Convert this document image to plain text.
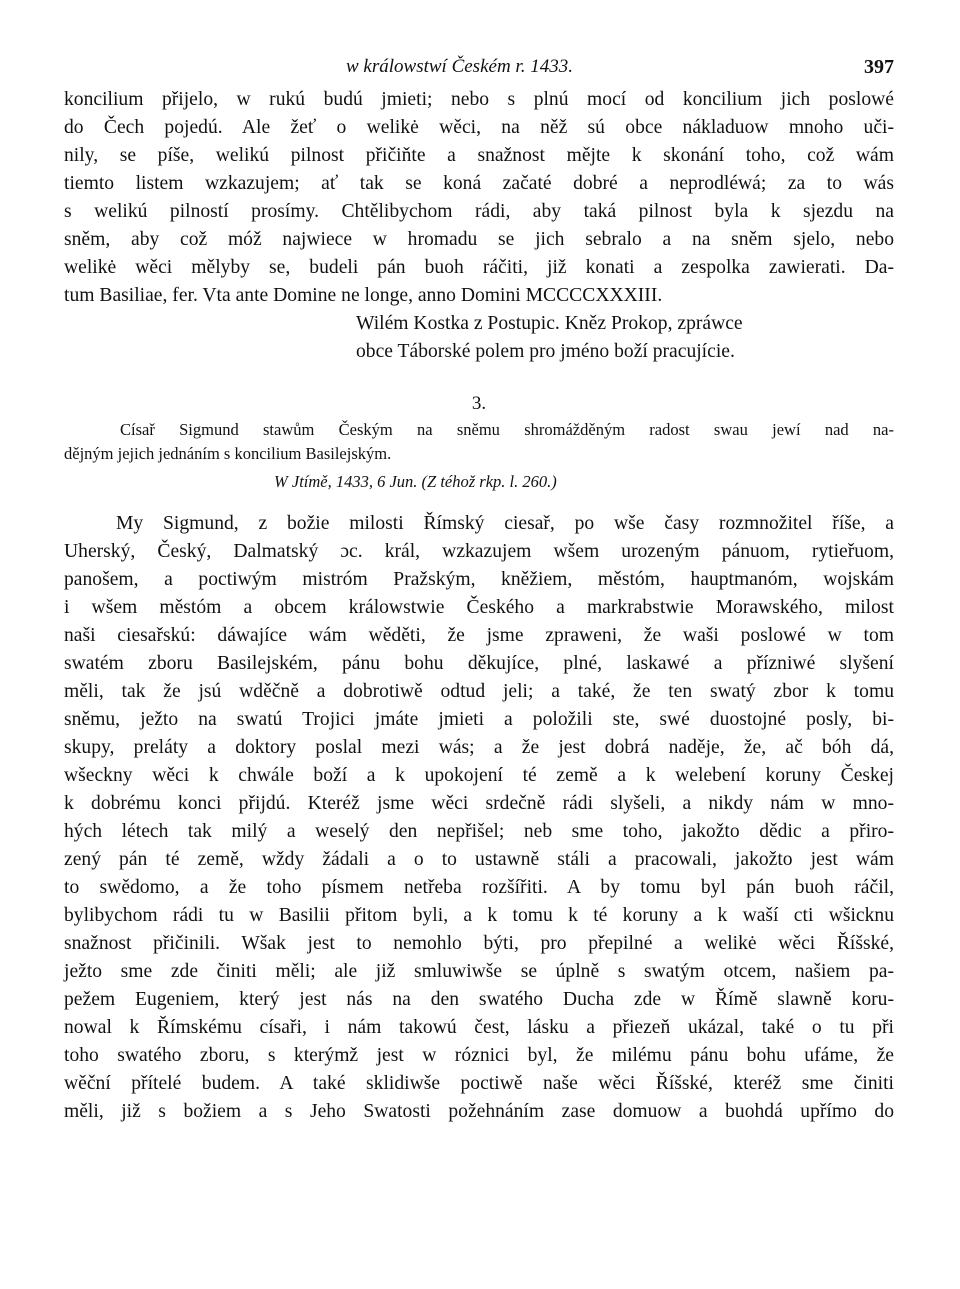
w králowstwí Českém r. 1433.	397
koncilium přijelo, w rukú budú jmieti; nebo s plnú mocí od koncilium jich poslowé
do Čech pojedú. Ale žeť o welikė wěci, na něž sú obce nákladuow mnoho uči-
nily, se píše, welikú pilnost přičiňte a snažnost mějte k skonání toho, což wám
tiemto listem wzkazujem; ať tak se koná začaté dobré a neprodléwá; za to wás
s welikú pilností prosímy. Chtělibychom rádi, aby taká pilnost byla k sjezdu na
sněm, aby což móž najwiece w hromadu se jich sebralo a na sněm sjelo, nebo
welikė wěci mělyby se, budeli pán buoh ráčiti, již konati a zespolka zawierati. Da-
tum Basiliae, fer. Vta ante Domine ne longe, anno Domini MCCCCXXXIII.
Wilém Kostka z Postupic. Kněz Prokop, zpráwce
obce Táborské polem pro jméno boží pracujície.
3.
Císař Sigmund stawům Českým na sněmu shromážděným radost swau jewí nad na-
dějným jejich jednáním s koncilium Basilejským.
W Jtímě, 1433, 6 Jun. (Z téhož rkp. l. 260.)
My Sigmund, z božie milosti Římský ciesař, po wše časy rozmnožitel říše, a
Uherský, Český, Dalmatský ɔc. král, wzkazujem wšem urozeným pánuom, rytieřuom,
panošem, a poctiwým mistróm Pražským, kněžiem, městóm, hauptmanóm, wojskám
i wšem městóm a obcem králowstwie Českého a markrabstwie Morawského, milost
naši ciesařskú: dáwajíce wám wěděti, že jsme zpraweni, že waši poslowé w tom
swatém zboru Basilejském, pánu bohu děkujíce, plné, laskawé a přízniwé slyšení
měli, tak že jsú wděčně a dobrotiwě odtud jeli; a také, že ten swatý zbor k tomu
sněmu, ježto na swatú Trojici jmáte jmieti a položili ste, swé duostojné posly, bi-
skupy, preláty a doktory poslal mezi wás; a že jest dobrá naděje, že, ač bóh dá,
wšeckny wěci k chwále boží a k upokojení té země a k welebení koruny Českej
k dobrému konci přijdú. Kteréž jsme wěci srdečně rádi slyšeli, a nikdy nám w mno-
hých létech tak milý a weselý den nepřišel; neb sme toho, jakožto dědic a přiro-
zený pán té země, wždy žádali a o to ustawně stáli a pracowali, jakožto jest wám
to swědomo, a že toho písmem netřeba rozšířiti. A by tomu byl pán buoh ráčil,
bylibychom rádi tu w Basilii přitom byli, a k tomu k té koruny a k waší cti wšicknu
snažnost přičinili. Wšak jest to nemohlo býti, pro přepilné a welikė wěci Říšské,
ježto sme zde činiti měli; ale již smluwiwše se úplně s swatým otcem, našiem pa-
pežem Eugeniem, který jest nás na den swatého Ducha zde w Římě slawně koru-
nowal k Římskému císaři, i nám takowú čest, lásku a přiezeň ukázal, také o tu při
toho swatého zboru, s kterýmž jest w róznici byl, že milému pánu bohu ufáme, že
wěční přítelé budem. A také sklidiwše poctiwě naše wěci Říšské, kteréž sme činiti
měli, již s božiem a s Jeho Swatosti požehnáním zase domuow a buohdá upřímo do
